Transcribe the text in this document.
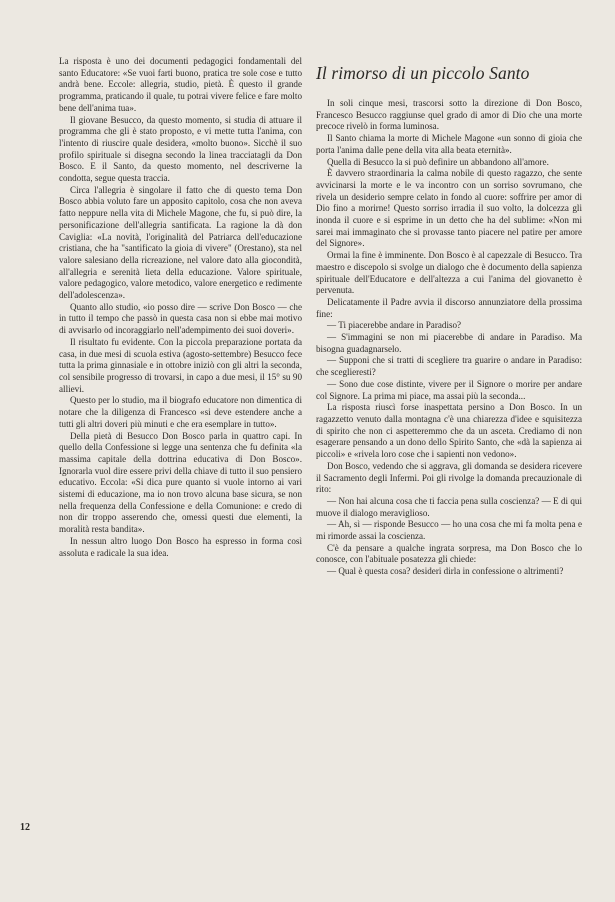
La risposta è uno dei documenti pedagogici fondamentali del santo Educatore: «Se vuoi farti buono, pratica tre sole cose e tutto andrà bene. Eccole: allegria, studio, pietà. È questo il grande programma, praticando il quale, tu potrai vivere felice e fare molto bene dell'anima tua».

Il giovane Besucco, da questo momento, si studia di attuare il programma che gli è stato proposto, e vi mette tutta l'anima, con l'intento di riuscire quale desidera, «molto buono». Sicchè il suo profilo spirituale si disegna secondo la linea tracciatagli da Don Bosco. E il Santo, da questo momento, nel descriverne la condotta, segue questa traccia.

Circa l'allegria è singolare il fatto che di questo tema Don Bosco abbia voluto fare un apposito capitolo, cosa che non aveva fatto neppure nella vita di Michele Magone, che fu, si può dire, la personificazione dell'allegria santificata. La ragione la dà don Caviglia: «La novità, l'originalità del Patriarca dell'educazione cristiana, che ha "santificato la gioia di vivere" (Orestano), sta nel valore salesiano della ricreazione, nel valore dato alla giocondità, all'allegria e serenità lieta della educazione. Valore spirituale, valore pedagogico, valore metodico, valore energetico e redimente dell'adolescenza».

Quanto allo studio, «io posso dire — scrive Don Bosco — che in tutto il tempo che passò in questa casa non si ebbe mai motivo di avvisarlo od incoraggiarlo nell'adempimento dei suoi doveri».

Il risultato fu evidente. Con la piccola preparazione portata da casa, in due mesi di scuola estiva (agosto-settembre) Besucco fece tutta la prima ginnasiale e in ottobre iniziò con gli altri la seconda, col sensibile progresso di trovarsi, in capo a due mesi, il 15° su 90 allievi.

Questo per lo studio, ma il biografo educatore non dimentica di notare che la diligenza di Francesco «si deve estendere anche a tutti gli altri doveri più minuti e che era esemplare in tutto».

Della pietà di Besucco Don Bosco parla in quattro capi. In quello della Confessione si legge una sentenza che fu definita «la massima capitale della dottrina educativa di Don Bosco». Ignorarla vuol dire essere privi della chiave di tutto il suo pensiero educativo. Eccola: «Si dica pure quanto si vuole intorno ai vari sistemi di educazione, ma io non trovo alcuna base sicura, se non nella frequenza della Confessione e della Comunione: e credo di non dir troppo asserendo che, omessi questi due elementi, la moralità resta bandita».

In nessun altro luogo Don Bosco ha espresso in forma così assoluta e radicale la sua idea.

Il rimorso di un piccolo Santo

In soli cinque mesi, trascorsi sotto la direzione di Don Bosco, Francesco Besucco raggiunse quel grado di amor di Dio che una morte precoce rivelò in forma luminosa.

Il Santo chiama la morte di Michele Magone «un sonno di gioia che porta l'anima dalle pene della vita alla beata eternità».

Quella di Besucco la si può definire un abbandono all'amore.

È davvero straordinaria la calma nobile di questo ragazzo, che sente avvicinarsi la morte e le va incontro con un sorriso sovrumano, che rivela un desiderio sempre celato in fondo al cuore: soffrire per amor di Dio fino a morirne! Questo sorriso irradia il suo volto, la dolcezza gli inonda il cuore e si esprime in un detto che ha del sublime: «Non mi sarei mai immaginato che si provasse tanto piacere nel patire per amore del Signore».

Ormai la fine è imminente. Don Bosco è al capezzale di Besucco. Tra maestro e discepolo si svolge un dialogo che è documento della sapienza spirituale dell'Educatore e dell'altezza a cui l'anima del giovanetto è pervenuta.

Delicatamente il Padre avvia il discorso annunziatore della prossima fine:

— Ti piacerebbe andare in Paradiso?

— S'immagini se non mi piacerebbe di andare in Paradiso. Ma bisogna guadagnarselo.

— Supponi che si tratti di scegliere tra guarire o andare in Paradiso: che sceglieresti?

— Sono due cose distinte, vivere per il Signore o morire per andare col Signore. La prima mi piace, ma assai più la seconda...

La risposta riuscì forse inaspettata persino a Don Bosco. In un ragazzetto venuto dalla montagna c'è una chiarezza d'idee e squisitezza di spirito che non ci aspetteremmo che da un asceta. Crediamo di non esagerare pensando a un dono dello Spirito Santo, che «dà la sapienza ai piccoli» e «rivela loro cose che i sapienti non vedono».

Don Bosco, vedendo che si aggrava, gli domanda se desidera ricevere il Sacramento degli Infermi. Poi gli rivolge la domanda precauzionale di rito:

— Non hai alcuna cosa che ti faccia pena sulla coscienza? — E di qui muove il dialogo meraviglioso.

— Ah, sì — risponde Besucco — ho una cosa che mi fa molta pena e mi rimorde assai la coscienza.

C'è da pensare a qualche ingrata sorpresa, ma Don Bosco che lo conosce, con l'abituale posatezza gli chiede:

— Qual è questa cosa? desideri dirla in confessione o altrimenti?

12
